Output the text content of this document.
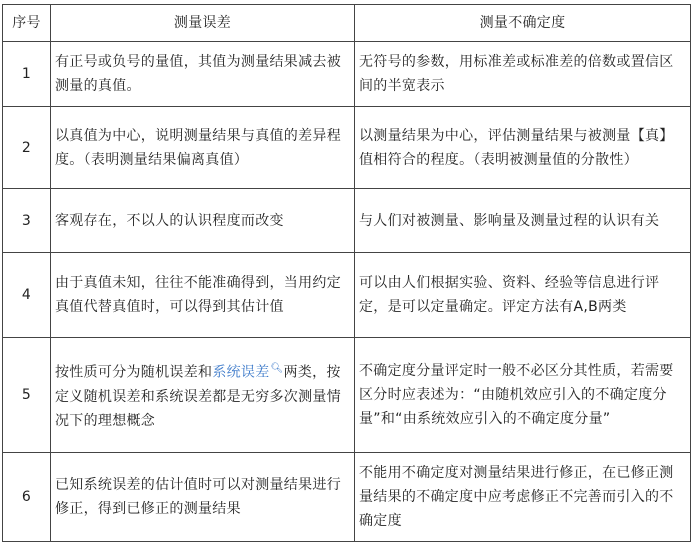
序号	测量误差	测量不确定度
1	有正号或负号的量值，其值为测量结果减去被测量的真值。	无符号的参数，用标准差或标准差的倍数或置信区间的半宽表示
2	以真值为中心，说明测量结果与真值的差异程度。（表明测量结果偏离真值）	以测量结果为中心，评估测量结果与被测量【真】值相符合的程度。（表明被测量值的分散性）
3	客观存在，不以人的认识程度而改变	与人们对被测量、影响量及测量过程的认识有关
4	由于真值未知，往往不能准确得到，当用约定真值代替真值时，可以得到其估计值	可以由人们根据实验、资料、经验等信息进行评定，是可以定量确定。评定方法有A,B两类
5	按性质可分为随机误差和系统误差🔍︎两类，按定义随机误差和系统误差都是无穷多次测量情况下的理想概念	不确定度分量评定时一般不必区分其性质，若需要区分时应表述为：“由随机效应引入的不确定度分量”和“由系统效应引入的不确定度分量”
6	已知系统误差的估计值时可以对测量结果进行修正，得到已修正的测量结果	不能用不确定度对测量结果进行修正，在已修正测量结果的不确定度中应考虑修正不完善而引入的不确定度
